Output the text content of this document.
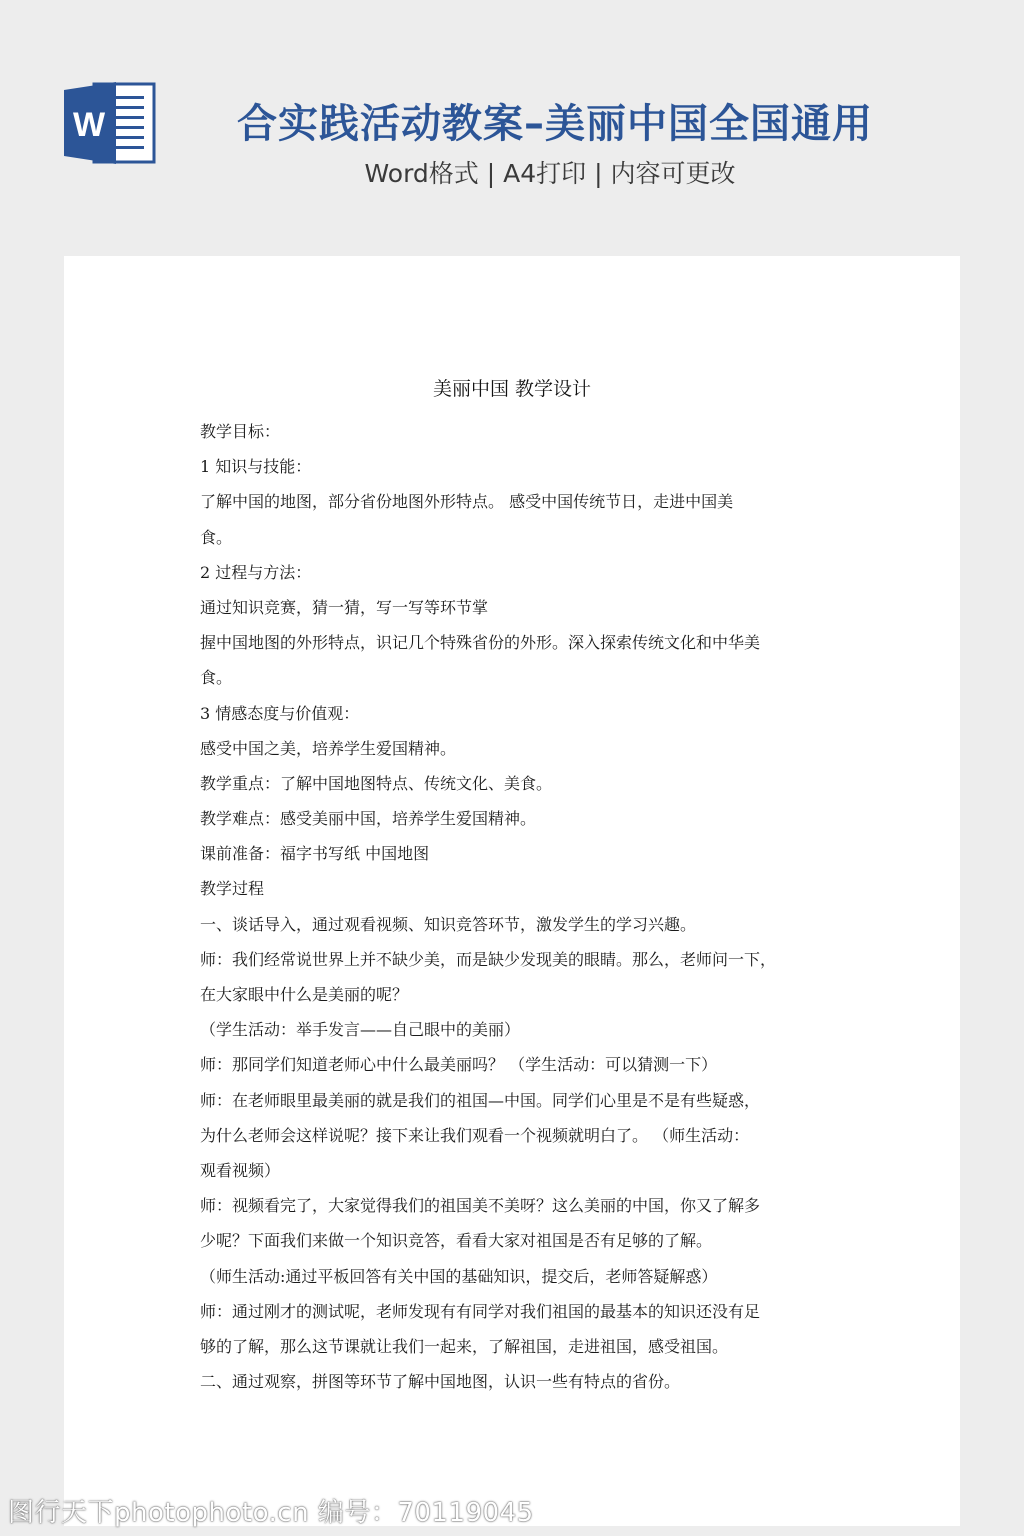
W	合实践活动教案–美丽中国全国通用
Word格式 | A4打印 | 内容可更改
美丽中国 教学设计
教学目标：
1 知识与技能：
了解中国的地图，部分省份地图外形特点。 感受中国传统节日，走进中国美
食。
2 过程与方法：
通过知识竞赛，猜一猜，写一写等环节掌
握中国地图的外形特点，识记几个特殊省份的外形。深入探索传统文化和中华美
食。
3 情感态度与价值观：
感受中国之美，培养学生爱国精神。
教学重点：了解中国地图特点、传统文化、美食。
教学难点：感受美丽中国，培养学生爱国精神。
课前准备：福字书写纸 中国地图
教学过程
一、谈话导入，通过观看视频、知识竞答环节，激发学生的学习兴趣。
师：我们经常说世界上并不缺少美，而是缺少发现美的眼睛。那么，老师问一下，
在大家眼中什么是美丽的呢？
（学生活动：举手发言——自己眼中的美丽）
师：那同学们知道老师心中什么最美丽吗？ （学生活动：可以猜测一下）
师：在老师眼里最美丽的就是我们的祖国—中国。同学们心里是不是有些疑惑，
为什么老师会这样说呢？接下来让我们观看一个视频就明白了。 （师生活动：
观看视频）
师：视频看完了，大家觉得我们的祖国美不美呀？这么美丽的中国，你又了解多
少呢？下面我们来做一个知识竞答，看看大家对祖国是否有足够的了解。
（师生活动:通过平板回答有关中国的基础知识，提交后，老师答疑解惑）
师：通过刚才的测试呢，老师发现有有同学对我们祖国的最基本的知识还没有足
够的了解，那么这节课就让我们一起来，了解祖国，走进祖国，感受祖国。
二、通过观察，拼图等环节了解中国地图，认识一些有特点的省份。
图行天下photophoto.cn 编号：70119045
